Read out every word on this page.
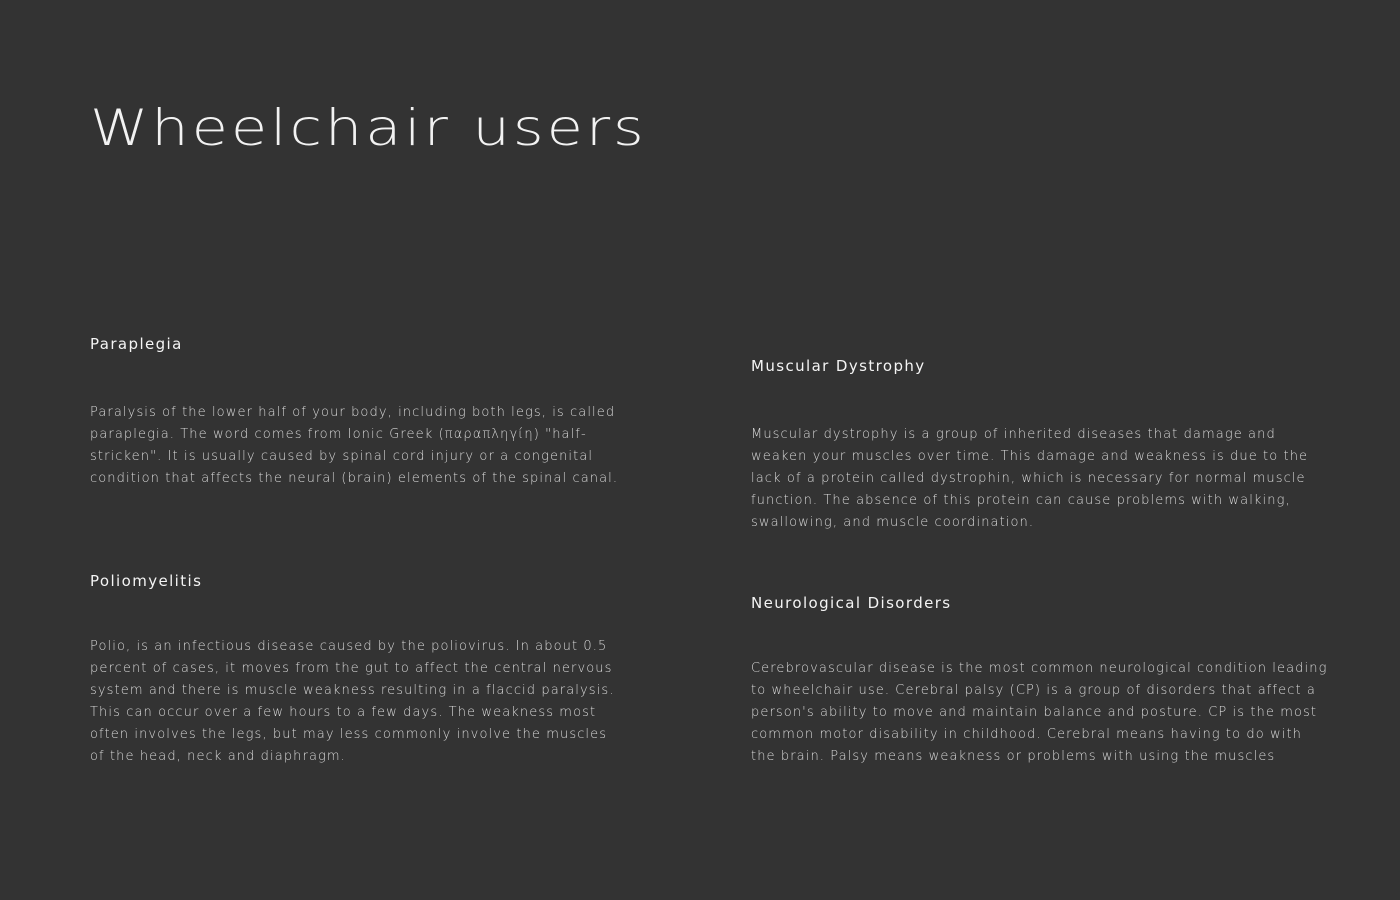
Wheelchair users
Paraplegia

Paralysis of the lower half of your body, including both legs, is called paraplegia. The word comes from Ionic Greek (παραπληγίη) "half-stricken". It is usually caused by spinal cord injury or a congenital condition that affects the neural (brain) elements of the spinal canal.

Poliomyelitis

Polio, is an infectious disease caused by the poliovirus. In about 0.5 percent of cases, it moves from the gut to affect the central nervous system and there is muscle weakness resulting in a flaccid paralysis. This can occur over a few hours to a few days. The weakness most often involves the legs, but may less commonly involve the muscles of the head, neck and diaphragm.

Muscular Dystrophy

Muscular dystrophy is a group of inherited diseases that damage and weaken your muscles over time. This damage and weakness is due to the lack of a protein called dystrophin, which is necessary for normal muscle function. The absence of this protein can cause problems with walking, swallowing, and muscle coordination.

Neurological Disorders

Cerebrovascular disease is the most common neurological condition leading to wheelchair use. Cerebral palsy (CP) is a group of disorders that affect a person's ability to move and maintain balance and posture. CP is the most common motor disability in childhood. Cerebral means having to do with the brain. Palsy means weakness or problems with using the muscles
